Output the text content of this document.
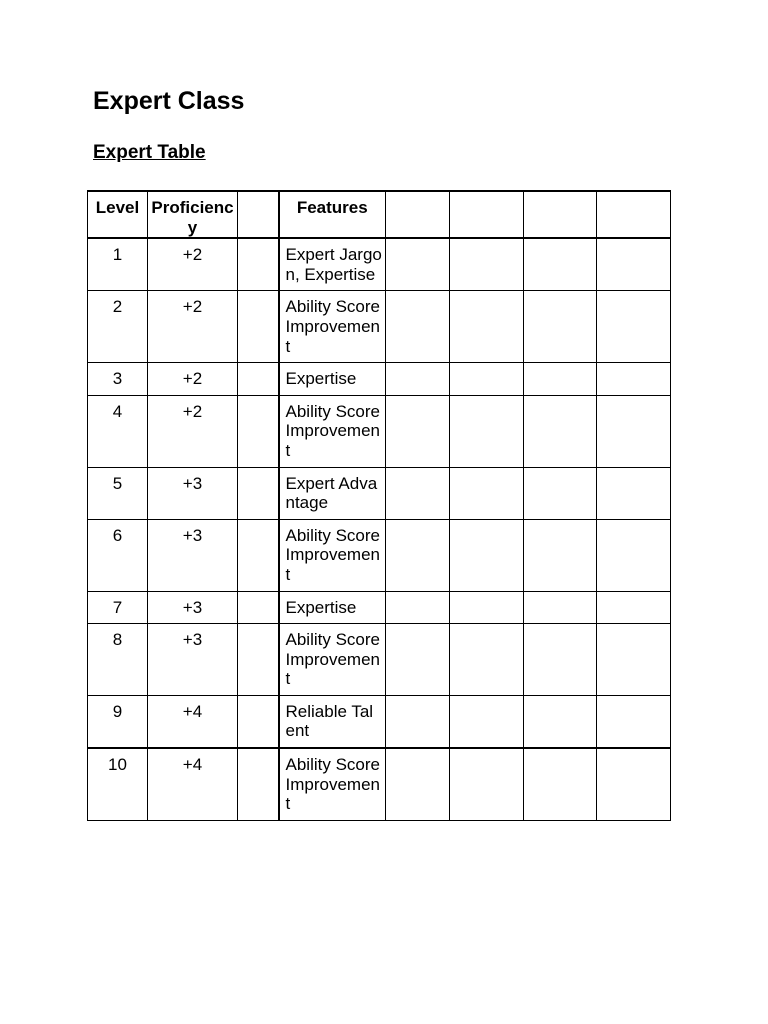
Expert Class
Expert Table
Level	Proficiency		Features				
1	+2		Expert Jargon, Expertise				
2	+2		Ability Score Improvement				
3	+2		Expertise				
4	+2		Ability Score Improvement				
5	+3		Expert Advantage				
6	+3		Ability Score Improvement				
7	+3		Expertise				
8	+3		Ability Score Improvement				
9	+4		Reliable Talent				
10	+4		Ability Score Improvement				
